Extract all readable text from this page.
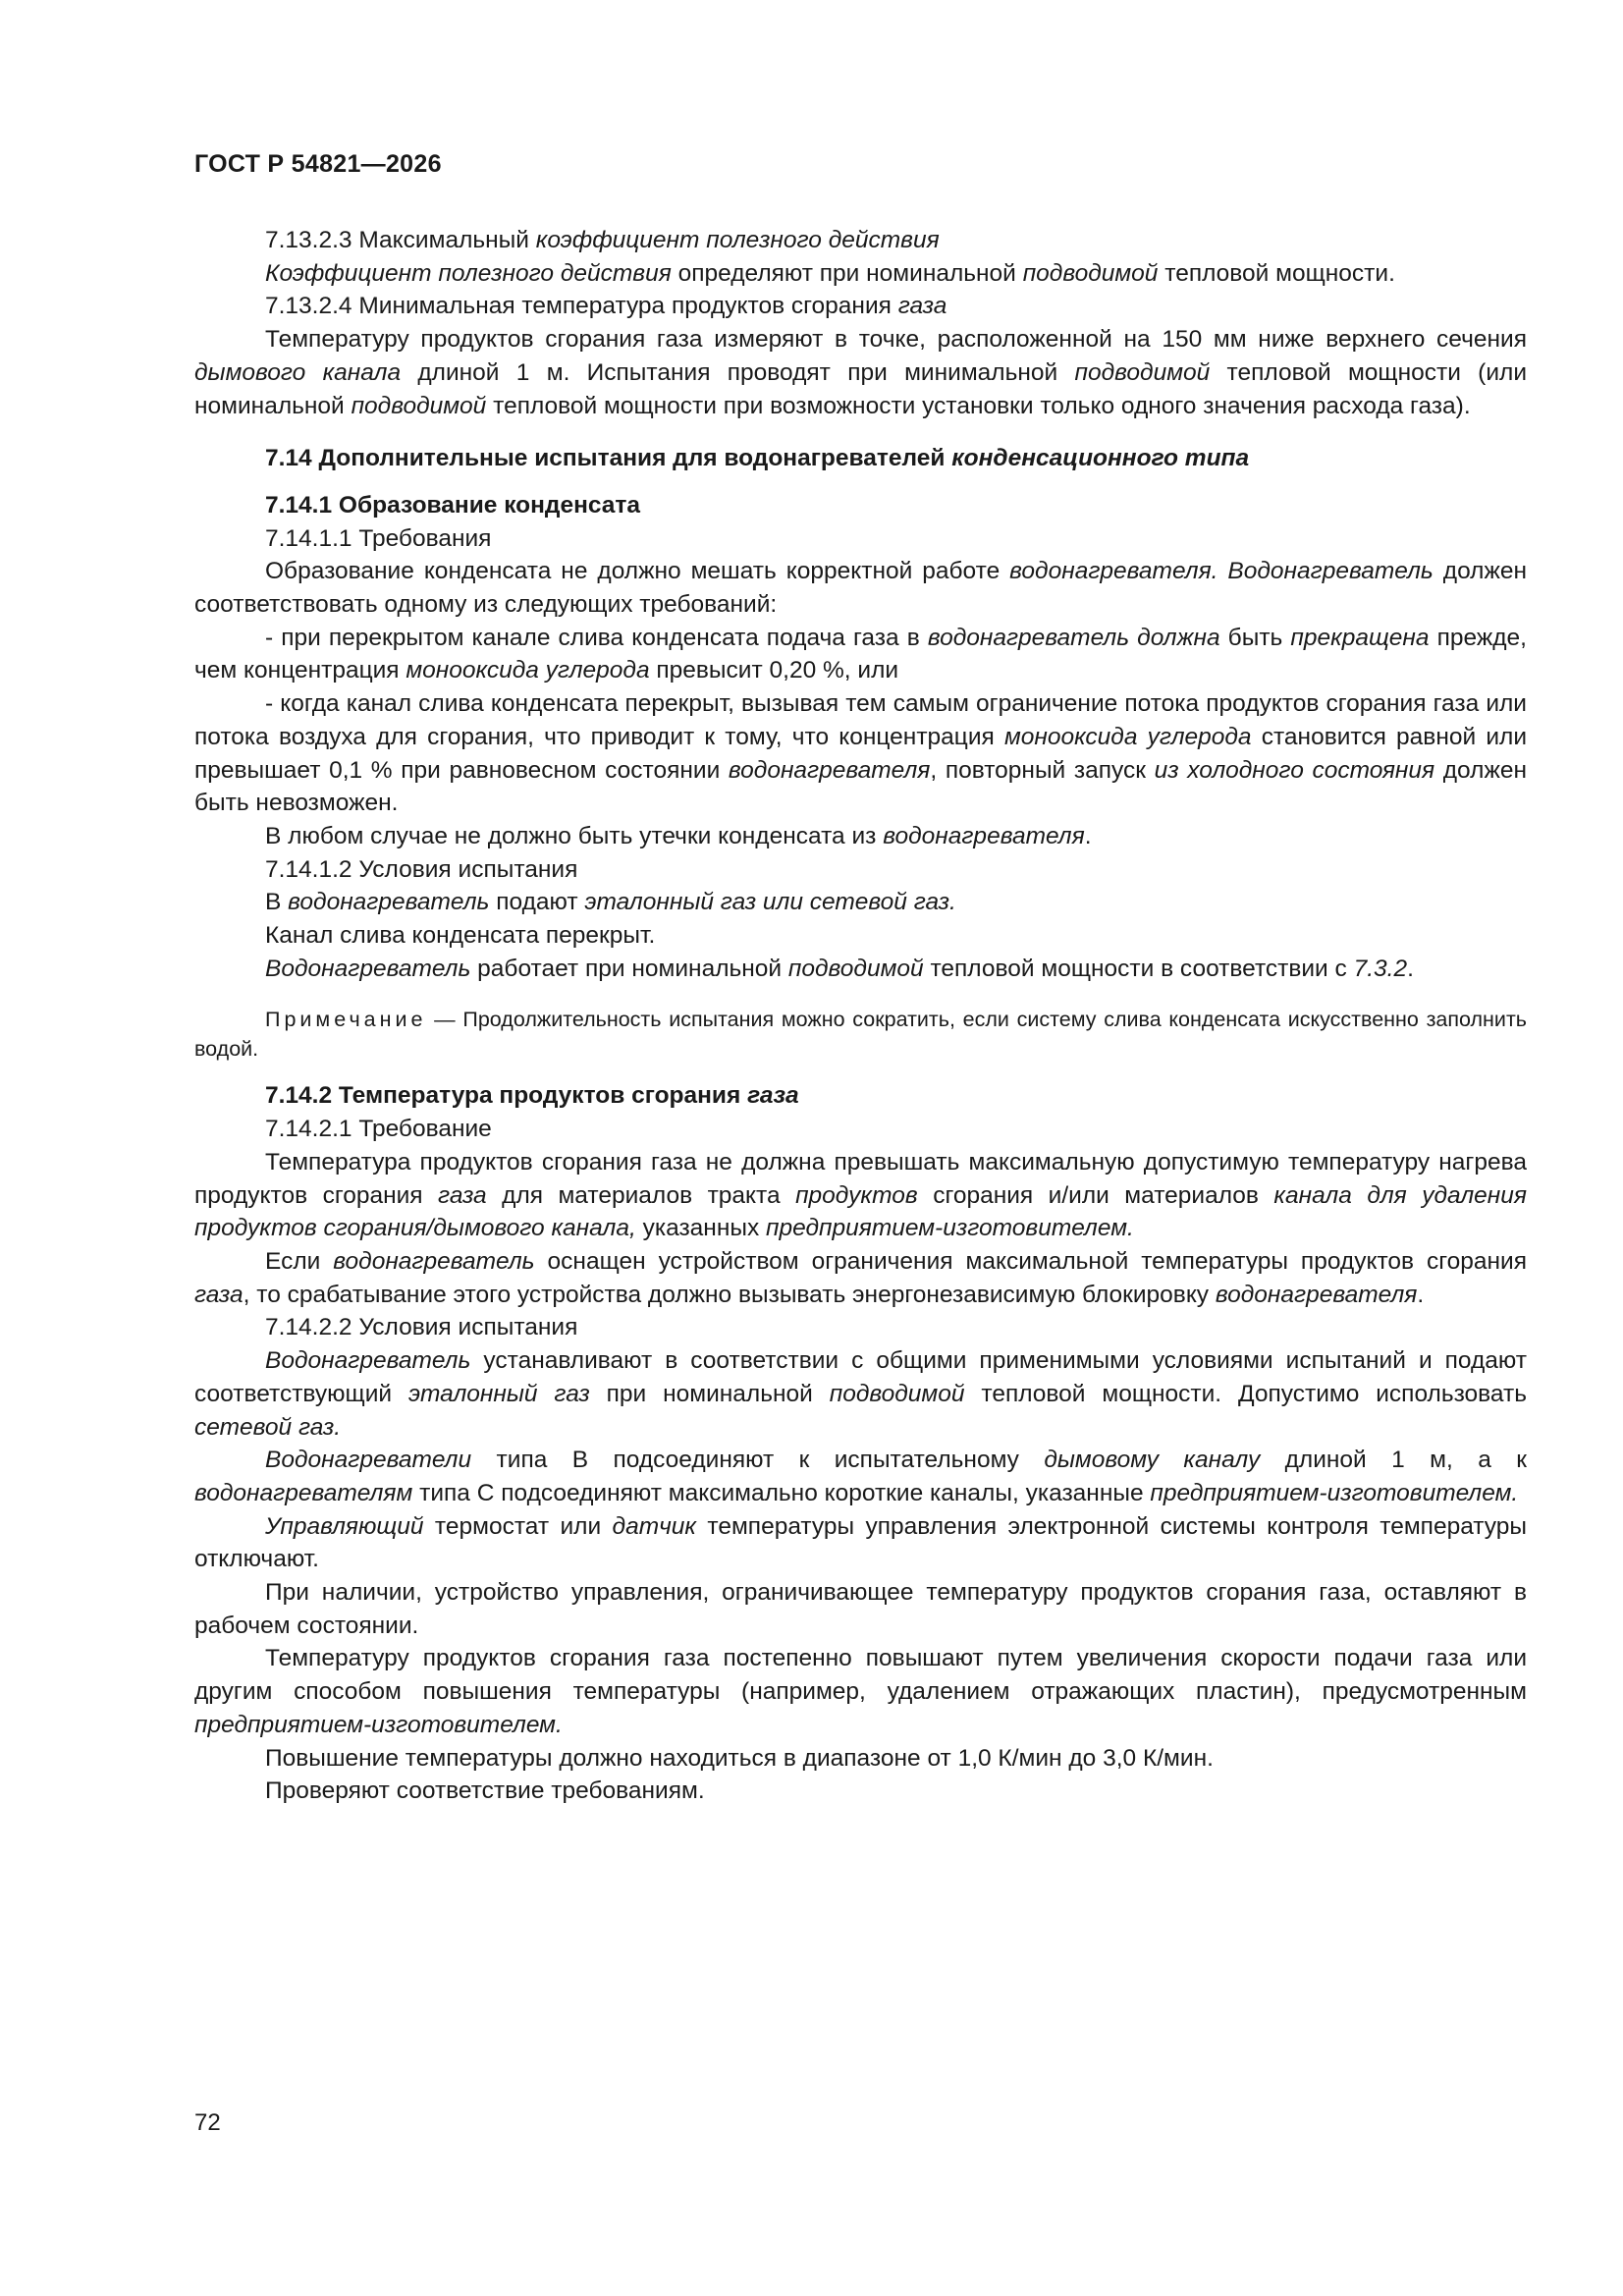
ГОСТ Р 54821—2026

7.13.2.3 Максимальный коэффициент полезного действия

Коэффициент полезного действия определяют при номинальной подводимой тепловой мощности.

7.13.2.4 Минимальная температура продуктов сгорания газа

Температуру продуктов сгорания газа измеряют в точке, расположенной на 150 мм ниже верхнего сечения дымового канала длиной 1 м. Испытания проводят при минимальной подводимой тепловой мощности (или номинальной подводимой тепловой мощности при возможности установки только одного значения расхода газа).

7.14 Дополнительные испытания для водонагревателей конденсационного типа

7.14.1 Образование конденсата

7.14.1.1 Требования

Образование конденсата не должно мешать корректной работе водонагревателя. Водонагреватель должен соответствовать одному из следующих требований:

- при перекрытом канале слива конденсата подача газа в водонагреватель должна быть прекращена прежде, чем концентрация монооксида углерода превысит 0,20 %, или

- когда канал слива конденсата перекрыт, вызывая тем самым ограничение потока продуктов сгорания газа или потока воздуха для сгорания, что приводит к тому, что концентрация монооксида углерода становится равной или превышает 0,1 % при равновесном состоянии водонагревателя, повторный запуск из холодного состояния должен быть невозможен.

В любом случае не должно быть утечки конденсата из водонагревателя.

7.14.1.2 Условия испытания

В водонагреватель подают эталонный газ или сетевой газ.

Канал слива конденсата перекрыт.

Водонагреватель работает при номинальной подводимой тепловой мощности в соответствии с 7.3.2.

Примечание — Продолжительность испытания можно сократить, если систему слива конденсата искусственно заполнить водой.

7.14.2 Температура продуктов сгорания газа

7.14.2.1 Требование

Температура продуктов сгорания газа не должна превышать максимальную допустимую температуру нагрева продуктов сгорания газа для материалов тракта продуктов сгорания и/или материалов канала для удаления продуктов сгорания/дымового канала, указанных предприятием-изготовителем.

Если водонагреватель оснащен устройством ограничения максимальной температуры продуктов сгорания газа, то срабатывание этого устройства должно вызывать энергонезависимую блокировку водонагревателя.

7.14.2.2 Условия испытания

Водонагреватель устанавливают в соответствии с общими применимыми условиями испытаний и подают соответствующий эталонный газ при номинальной подводимой тепловой мощности. Допустимо использовать сетевой газ.

Водонагреватели типа В подсоединяют к испытательному дымовому каналу длиной 1 м, а к водонагревателям типа С подсоединяют максимально короткие каналы, указанные предприятием-изготовителем.

Управляющий термостат или датчик температуры управления электронной системы контроля температуры отключают.

При наличии, устройство управления, ограничивающее температуру продуктов сгорания газа, оставляют в рабочем состоянии.

Температуру продуктов сгорания газа постепенно повышают путем увеличения скорости подачи газа или другим способом повышения температуры (например, удалением отражающих пластин), предусмотренным предприятием-изготовителем.

Повышение температуры должно находиться в диапазоне от 1,0 К/мин до 3,0 К/мин.

Проверяют соответствие требованиям.

72
